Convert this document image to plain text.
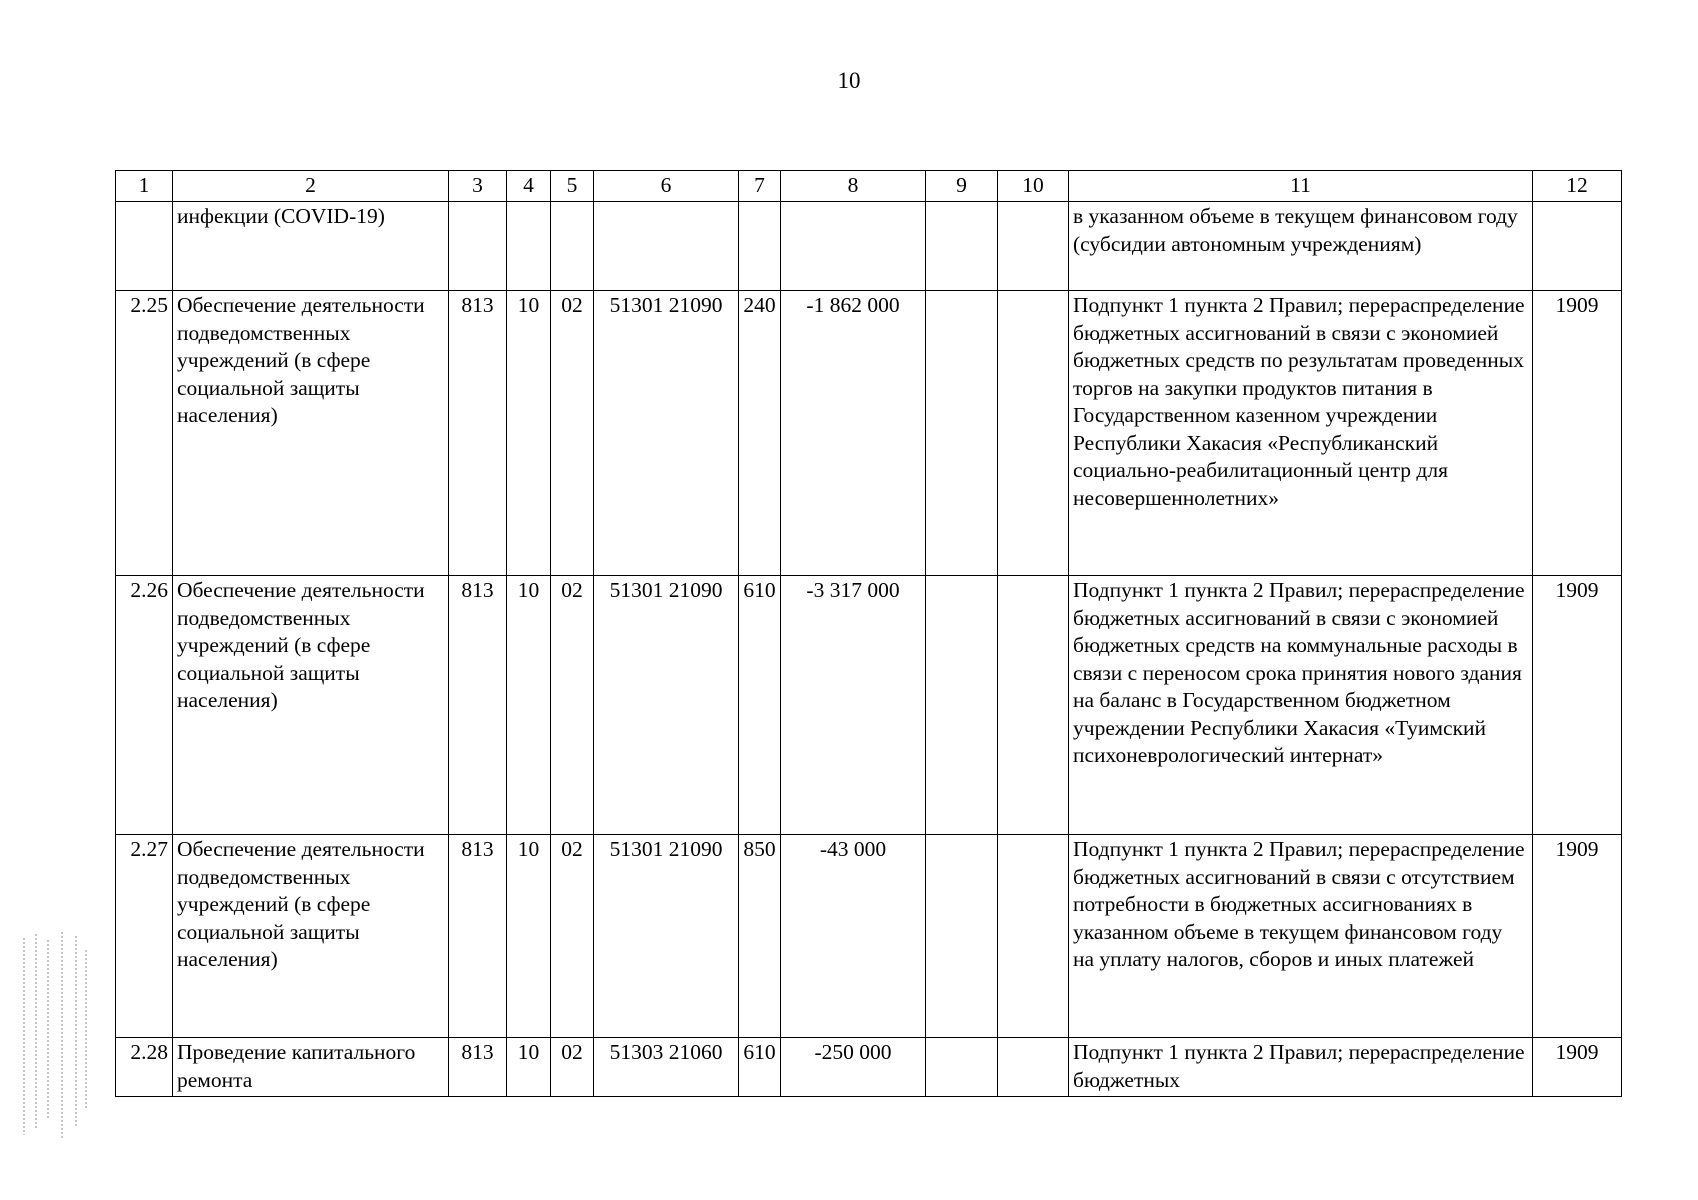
10
1	2	3	4	5	6	7	8	9	10	11	12
	инфекции (COVID-19)									в указанном объеме в текущем финансовом году (субсидии автономным учреждениям)	
2.25	Обеспечение деятельности подведомственных учреждений (в сфере социальной защиты населения)	813	10	02	51301 21090	240	-1 862 000			Подпункт 1 пункта 2 Правил; перераспределение бюджетных ассигнований в связи с экономией бюджетных средств по результатам проведенных торгов на закупки продуктов питания в Государственном казенном учреждении Республики Хакасия «Республиканский социально-реабилитационный центр для несовершеннолетних»	1909
2.26	Обеспечение деятельности подведомственных учреждений (в сфере социальной защиты населения)	813	10	02	51301 21090	610	-3 317 000			Подпункт 1 пункта 2 Правил; перераспределение бюджетных ассигнований в связи с экономией бюджетных средств на коммунальные расходы в связи с переносом срока принятия нового здания на баланс в Государственном бюджетном учреждении Республики Хакасия «Туимский психоневрологический интернат»	1909
2.27	Обеспечение деятельности подведомственных учреждений (в сфере социальной защиты населения)	813	10	02	51301 21090	850	-43 000			Подпункт 1 пункта 2 Правил; перераспределение бюджетных ассигнований в связи с отсутствием потребности в бюджетных ассигнованиях в указанном объеме в текущем финансовом году на уплату налогов, сборов и иных платежей	1909
2.28	Проведение капитального ремонта	813	10	02	51303 21060	610	-250 000			Подпункт 1 пункта 2 Правил; перераспределение бюджетных	1909
